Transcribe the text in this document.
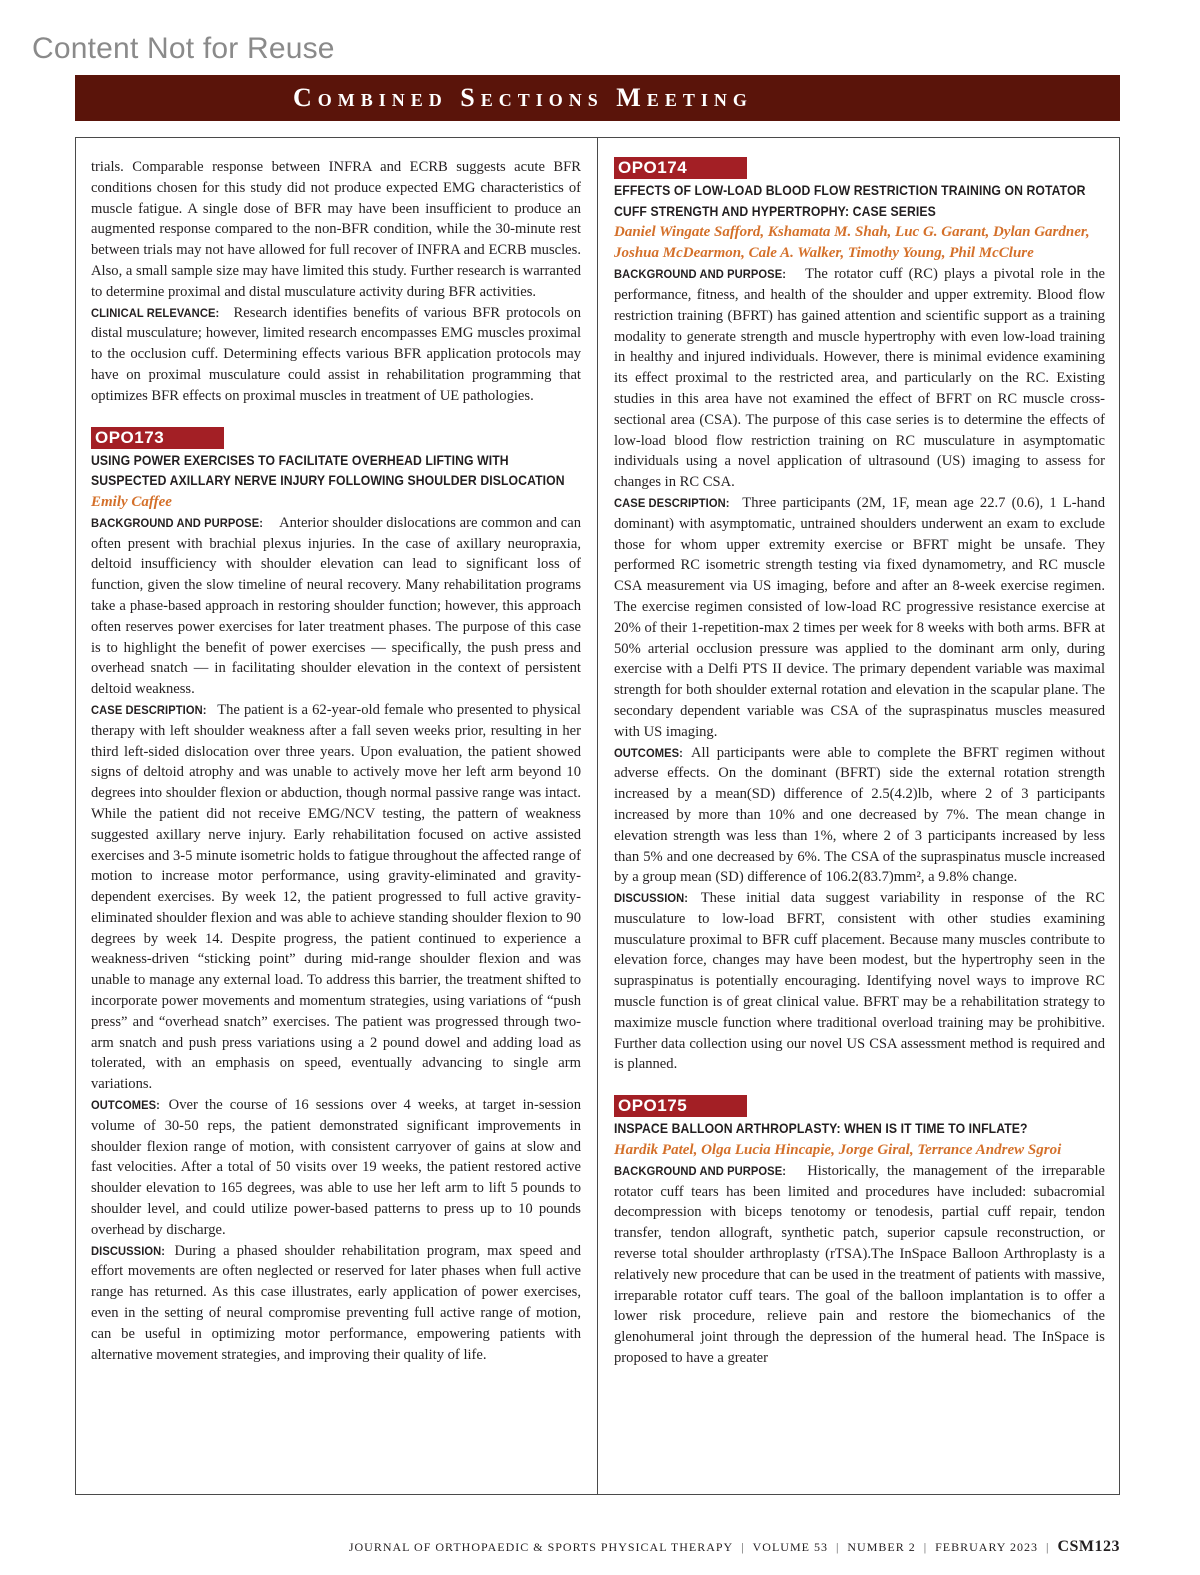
Content Not for Reuse
Combined Sections Meeting

trials. Comparable response between INFRA and ECRB suggests acute BFR conditions chosen for this study did not produce expected EMG characteristics of muscle fatigue. A single dose of BFR may have been insufficient to produce an augmented response compared to the non-BFR condition, while the 30-minute rest between trials may not have allowed for full recover of INFRA and ECRB muscles. Also, a small sample size may have limited this study. Further research is warranted to determine proximal and distal musculature activity during BFR activities.

CLINICAL RELEVANCE: Research identifies benefits of various BFR protocols on distal musculature; however, limited research encompasses EMG muscles proximal to the occlusion cuff. Determining effects various BFR application protocols may have on proximal musculature could assist in rehabilitation programming that optimizes BFR effects on proximal muscles in treatment of UE pathologies.

OPO173
USING POWER EXERCISES TO FACILITATE OVERHEAD LIFTING WITH SUSPECTED AXILLARY NERVE INJURY FOLLOWING SHOULDER DISLOCATION
Emily Caffee

BACKGROUND AND PURPOSE: Anterior shoulder dislocations are common and can often present with brachial plexus injuries. In the case of axillary neuropraxia, deltoid insufficiency with shoulder elevation can lead to significant loss of function, given the slow timeline of neural recovery. Many rehabilitation programs take a phase-based approach in restoring shoulder function; however, this approach often reserves power exercises for later treatment phases. The purpose of this case is to highlight the benefit of power exercises — specifically, the push press and overhead snatch — in facilitating shoulder elevation in the context of persistent deltoid weakness.

CASE DESCRIPTION: The patient is a 62-year-old female who presented to physical therapy with left shoulder weakness after a fall seven weeks prior, resulting in her third left-sided dislocation over three years. Upon evaluation, the patient showed signs of deltoid atrophy and was unable to actively move her left arm beyond 10 degrees into shoulder flexion or abduction, though normal passive range was intact. While the patient did not receive EMG/NCV testing, the pattern of weakness suggested axillary nerve injury. Early rehabilitation focused on active assisted exercises and 3-5 minute isometric holds to fatigue throughout the affected range of motion to increase motor performance, using gravity-eliminated and gravity-dependent exercises. By week 12, the patient progressed to full active gravity-eliminated shoulder flexion and was able to achieve standing shoulder flexion to 90 degrees by week 14. Despite progress, the patient continued to experience a weakness-driven “sticking point” during mid-range shoulder flexion and was unable to manage any external load. To address this barrier, the treatment shifted to incorporate power movements and momentum strategies, using variations of “push press” and “overhead snatch” exercises. The patient was progressed through two-arm snatch and push press variations using a 2 pound dowel and adding load as tolerated, with an emphasis on speed, eventually advancing to single arm variations.

OUTCOMES: Over the course of 16 sessions over 4 weeks, at target in-session volume of 30-50 reps, the patient demonstrated significant improvements in shoulder flexion range of motion, with consistent carryover of gains at slow and fast velocities. After a total of 50 visits over 19 weeks, the patient restored active shoulder elevation to 165 degrees, was able to use her left arm to lift 5 pounds to shoulder level, and could utilize power-based patterns to press up to 10 pounds overhead by discharge.

DISCUSSION: During a phased shoulder rehabilitation program, max speed and effort movements are often neglected or reserved for later phases when full active range has returned. As this case illustrates, early application of power exercises, even in the setting of neural compromise preventing full active range of motion, can be useful in optimizing motor performance, empowering patients with alternative movement strategies, and improving their quality of life.

OPO174
EFFECTS OF LOW-LOAD BLOOD FLOW RESTRICTION TRAINING ON ROTATOR CUFF STRENGTH AND HYPERTROPHY: CASE SERIES
Daniel Wingate Safford, Kshamata M. Shah, Luc G. Garant, Dylan Gardner, Joshua McDearmon, Cale A. Walker, Timothy Young, Phil McClure

BACKGROUND AND PURPOSE: The rotator cuff (RC) plays a pivotal role in the performance, fitness, and health of the shoulder and upper extremity. Blood flow restriction training (BFRT) has gained attention and scientific support as a training modality to generate strength and muscle hypertrophy with even low-load training in healthy and injured individuals. However, there is minimal evidence examining its effect proximal to the restricted area, and particularly on the RC. Existing studies in this area have not examined the effect of BFRT on RC muscle cross-sectional area (CSA). The purpose of this case series is to determine the effects of low-load blood flow restriction training on RC musculature in asymptomatic individuals using a novel application of ultrasound (US) imaging to assess for changes in RC CSA.

CASE DESCRIPTION: Three participants (2M, 1F, mean age 22.7 (0.6), 1 L-hand dominant) with asymptomatic, untrained shoulders underwent an exam to exclude those for whom upper extremity exercise or BFRT might be unsafe. They performed RC isometric strength testing via fixed dynamometry, and RC muscle CSA measurement via US imaging, before and after an 8-week exercise regimen. The exercise regimen consisted of low-load RC progressive resistance exercise at 20% of their 1-repetition-max 2 times per week for 8 weeks with both arms. BFR at 50% arterial occlusion pressure was applied to the dominant arm only, during exercise with a Delfi PTS II device. The primary dependent variable was maximal strength for both shoulder external rotation and elevation in the scapular plane. The secondary dependent variable was CSA of the supraspinatus muscles measured with US imaging.

OUTCOMES: All participants were able to complete the BFRT regimen without adverse effects. On the dominant (BFRT) side the external rotation strength increased by a mean(SD) difference of 2.5(4.2)lb, where 2 of 3 participants increased by more than 10% and one decreased by 7%. The mean change in elevation strength was less than 1%, where 2 of 3 participants increased by less than 5% and one decreased by 6%. The CSA of the supraspinatus muscle increased by a group mean (SD) difference of 106.2(83.7)mm², a 9.8% change.

DISCUSSION: These initial data suggest variability in response of the RC musculature to low-load BFRT, consistent with other studies examining musculature proximal to BFR cuff placement. Because many muscles contribute to elevation force, changes may have been modest, but the hypertrophy seen in the supraspinatus is potentially encouraging. Identifying novel ways to improve RC muscle function is of great clinical value. BFRT may be a rehabilitation strategy to maximize muscle function where traditional overload training may be prohibitive. Further data collection using our novel US CSA assessment method is required and is planned.

OPO175
INSPACE BALLOON ARTHROPLASTY: WHEN IS IT TIME TO INFLATE?
Hardik Patel, Olga Lucia Hincapie, Jorge Giral, Terrance Andrew Sgroi

BACKGROUND AND PURPOSE: Historically, the management of the irreparable rotator cuff tears has been limited and procedures have included: subacromial decompression with biceps tenotomy or tenodesis, partial cuff repair, tendon transfer, tendon allograft, synthetic patch, superior capsule reconstruction, or reverse total shoulder arthroplasty (rTSA).The InSpace Balloon Arthroplasty is a relatively new procedure that can be used in the treatment of patients with massive, irreparable rotator cuff tears. The goal of the balloon implantation is to offer a lower risk procedure, relieve pain and restore the biomechanics of the glenohumeral joint through the depression of the humeral head. The InSpace is proposed to have a greater

JOURNAL OF ORTHOPAEDIC & SPORTS PHYSICAL THERAPY | VOLUME 53 | NUMBER 2 | FEBRUARY 2023 | CSM123
